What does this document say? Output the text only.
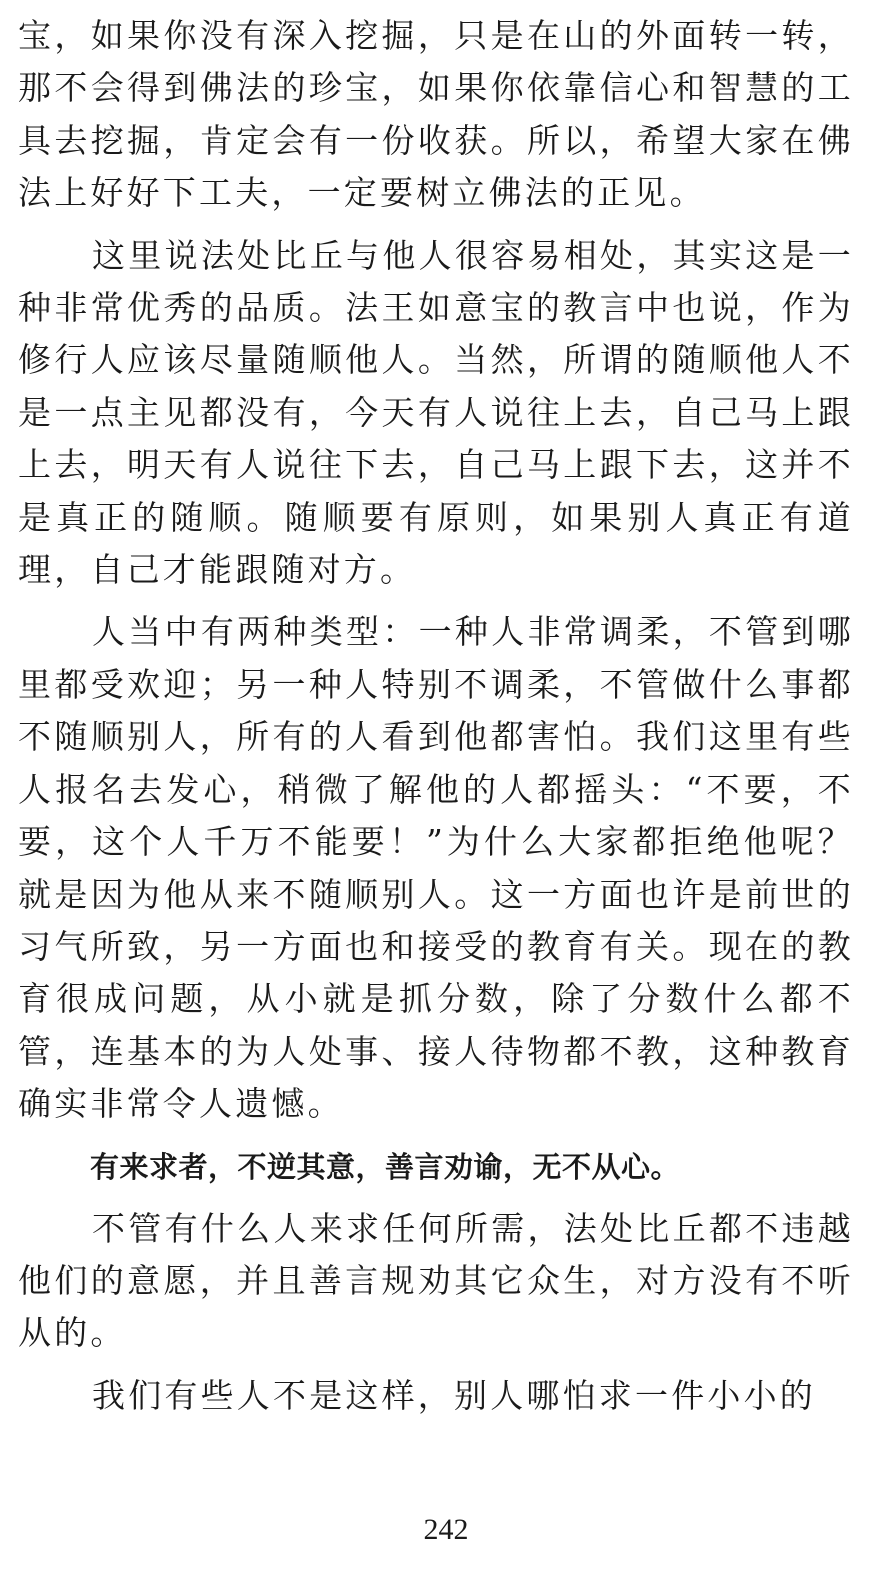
宝，如果你没有深入挖掘，只是在山的外面转一转，那不会得到佛法的珍宝，如果你依靠信心和智慧的工具去挖掘，肯定会有一份收获。所以，希望大家在佛法上好好下工夫，一定要树立佛法的正见。

这里说法处比丘与他人很容易相处，其实这是一种非常优秀的品质。法王如意宝的教言中也说，作为修行人应该尽量随顺他人。当然，所谓的随顺他人不是一点主见都没有，今天有人说往上去，自己马上跟上去，明天有人说往下去，自己马上跟下去，这并不是真正的随顺。随顺要有原则，如果别人真正有道理，自己才能跟随对方。

人当中有两种类型：一种人非常调柔，不管到哪里都受欢迎；另一种人特别不调柔，不管做什么事都不随顺别人，所有的人看到他都害怕。我们这里有些人报名去发心，稍微了解他的人都摇头：“不要，不要，这个人千万不能要！”为什么大家都拒绝他呢？就是因为他从来不随顺别人。这一方面也许是前世的习气所致，另一方面也和接受的教育有关。现在的教育很成问题，从小就是抓分数，除了分数什么都不管，连基本的为人处事、接人待物都不教，这种教育确实非常令人遗憾。

有来求者，不逆其意，善言劝谕，无不从心。

不管有什么人来求任何所需，法处比丘都不违越他们的意愿，并且善言规劝其它众生，对方没有不听从的。

我们有些人不是这样，别人哪怕求一件小小的

242
